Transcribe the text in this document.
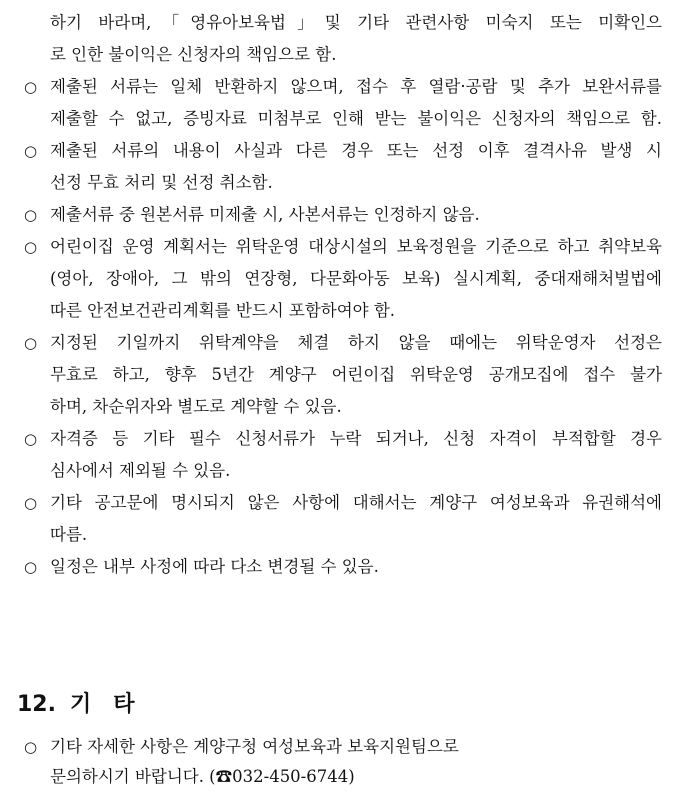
하기 바라며,「영유아보육법」및 기타 관련사항 미숙지 또는 미확인으
로 인한 불이익은 신청자의 책임으로 함.
○ 제출된 서류는 일체 반환하지 않으며, 접수 후 열람·공람 및 추가 보완서류를
제출할 수 없고, 증빙자료 미첨부로 인해 받는 불이익은 신청자의 책임으로 함.
○ 제출된 서류의 내용이 사실과 다른 경우 또는 선정 이후 결격사유 발생 시
선정 무효 처리 및 선정 취소함.
○ 제출서류 중 원본서류 미제출 시, 사본서류는 인정하지 않음.
○ 어린이집 운영 계획서는 위탁운영 대상시설의 보육정원을 기준으로 하고 취약보육
(영아, 장애아, 그 밖의 연장형, 다문화아동 보육) 실시계획, 중대재해처벌법에
따른 안전보건관리계획를 반드시 포함하여야 함.
○ 지정된 기일까지 위탁계약을 체결 하지 않을 때에는 위탁운영자 선정은
무효로 하고, 향후 5년간 계양구 어린이집 위탁운영 공개모집에 접수 불가
하며, 차순위자와 별도로 계약할 수 있음.
○ 자격증 등 기타 필수 신청서류가 누락 되거나, 신청 자격이 부적합할 경우
심사에서 제외될 수 있음.
○ 기타 공고문에 명시되지 않은 사항에 대해서는 계양구 여성보육과 유권해석에
따름.
○ 일정은 내부 사정에 따라 다소 변경될 수 있음.
12. 기 타
○ 기타 자세한 사항은 계양구청 여성보육과 보육지원팀으로
문의하시기 바랍니다. (☎032-450-6744)
